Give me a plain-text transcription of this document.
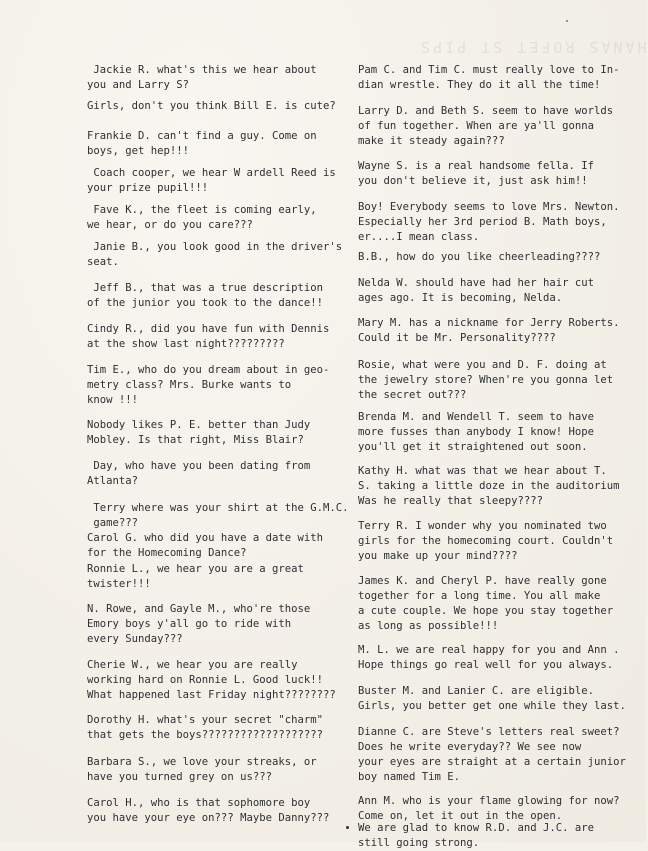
HANAS ROFET ST PIPS
Jackie R. what's this we hear about
you and Larry S?
Girls, don't you think Bill E. is cute?
Frankie D. can't find a guy. Come on
boys, get hep!!!
Coach cooper, we hear W ardell Reed is
your prize pupil!!!
Fave K., the fleet is coming early,
we hear, or do you care???
Janie B., you look good in the driver's
seat.
Jeff B., that was a true description
of the junior you took to the dance!!
Cindy R., did you have fun with Dennis
at the show last night?????????
Tim E., who do you dream about in geo-
metry class? Mrs. Burke wants to
know !!!
Nobody likes P. E. better than Judy
Mobley. Is that right, Miss Blair?
Day, who have you been dating from
Atlanta?
Terry where was your shirt at the G.M.C.
game???
Carol G. who did you have a date with
for the Homecoming Dance?
Ronnie L., we hear you are a great
twister!!!
N. Rowe, and Gayle M., who're those
Emory boys y'all go to ride with
every Sunday???
Cherie W., we hear you are really
working hard on Ronnie L. Good luck!!
What happened last Friday night????????
Dorothy H. what's your secret "charm"
that gets the boys???????????????????
Barbara S., we love your streaks, or
have you turned grey on us???
Carol H., who is that sophomore boy
you have your eye on??? Maybe Danny???
Pam C. and Tim C. must really love to In-
dian wrestle. They do it all the time!
Larry D. and Beth S. seem to have worlds
of fun together. When are ya'll gonna
make it steady again???
Wayne S. is a real handsome fella. If
you don't believe it, just ask him!!
Boy! Everybody seems to love Mrs. Newton.
Especially her 3rd period B. Math boys,
er....I mean class.
B.B., how do you like cheerleading????
Nelda W. should have had her hair cut
ages ago. It is becoming, Nelda.
Mary M. has a nickname for Jerry Roberts.
Could it be Mr. Personality????
Rosie, what were you and D. F. doing at
the jewelry store? When're you gonna let
the secret out???
Brenda M. and Wendell T. seem to have
more fusses than anybody I know! Hope
you'll get it straightened out soon.
Kathy H. what was that we hear about T.
S. taking a little doze in the auditorium
Was he really that sleepy????
Terry R. I wonder why you nominated two
girls for the homecoming court. Couldn't
you make up your mind????
James K. and Cheryl P. have really gone
together for a long time. You all make
a cute couple. We hope you stay together
as long as possible!!!
M. L. we are real happy for you and Ann .
Hope things go real well for you always.
Buster M. and Lanier C. are eligible.
Girls, you better get one while they last.
Dianne C. are Steve's letters real sweet?
Does he write everyday?? We see now
your eyes are straight at a certain junior
boy named Tim E.
Ann M. who is your flame glowing for now?
Come on, let it out in the open.
We are glad to know R.D. and J.C. are
still going strong.
